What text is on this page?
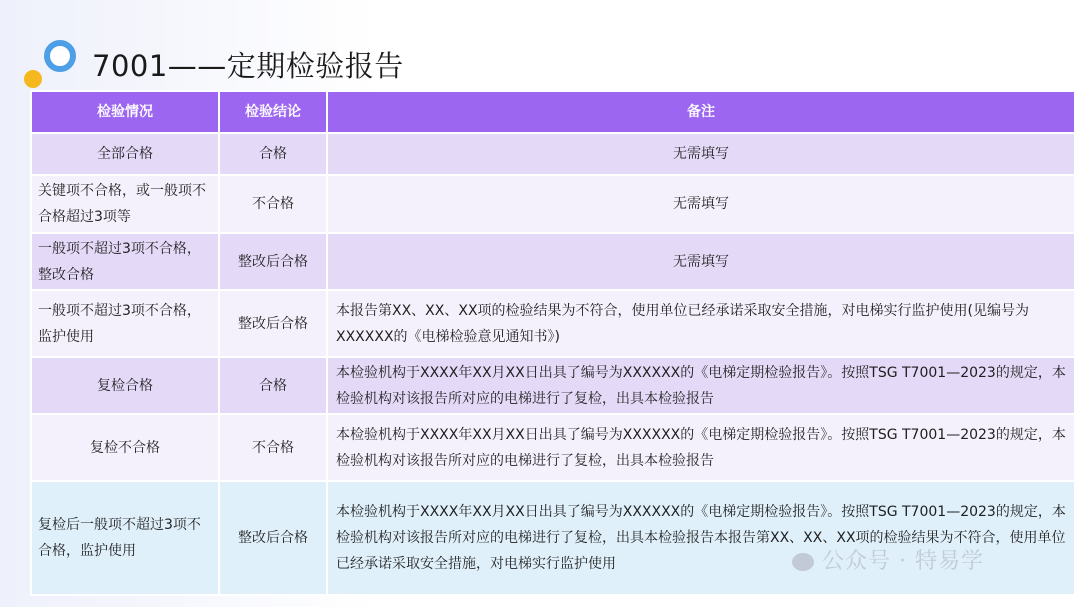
7001——定期检验报告
检验情况	检验结论	备注
全部合格	合格	无需填写
关键项不合格，或一般项不合格超过3项等	不合格	无需填写
一般项不超过3项不合格，整改合格	整改后合格	无需填写
一般项不超过3项不合格，监护使用	整改后合格	本报告第XX、XX、XX项的检验结果为不符合，使用单位已经承诺采取安全措施，对电梯实行监护使用(见编号为XXXXXX的《电梯检验意见通知书》)
复检合格	合格	本检验机构于XXXX年XX月XX日出具了编号为XXXXXX的《电梯定期检验报告》。按照TSG T7001—2023的规定，本检验机构对该报告所对应的电梯进行了复检，出具本检验报告
复检不合格	不合格	本检验机构于XXXX年XX月XX日出具了编号为XXXXXX的《电梯定期检验报告》。按照TSG T7001—2023的规定，本检验机构对该报告所对应的电梯进行了复检，出具本检验报告
复检后一般项不超过3项不合格，监护使用	整改后合格	本检验机构于XXXX年XX月XX日出具了编号为XXXXXX的《电梯定期检验报告》。按照TSG T7001—2023的规定，本检验机构对该报告所对应的电梯进行了复检，出具本检验报告本报告第XX、XX、XX项的检验结果为不符合，使用单位已经承诺采取安全措施，对电梯实行监护使用	公众号 · 特易学
